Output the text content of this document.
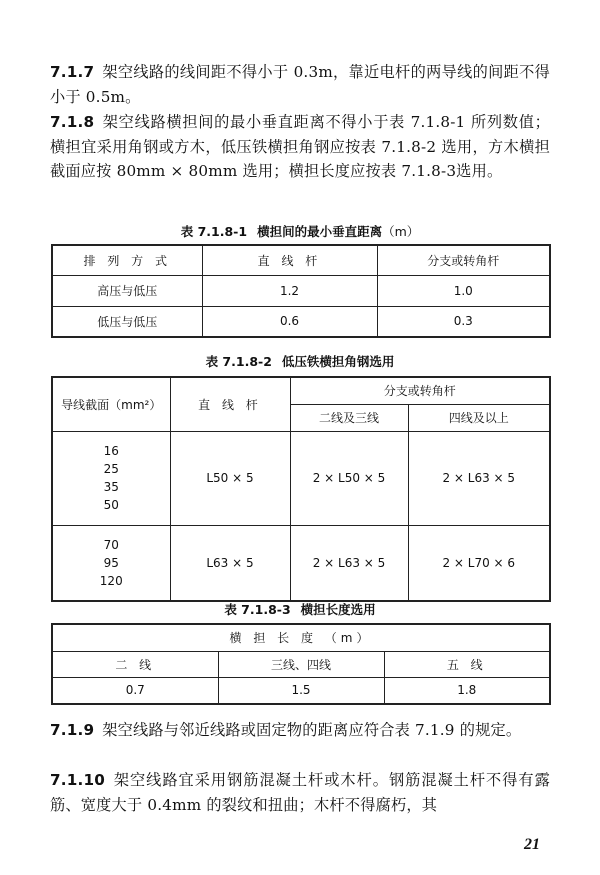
7.1.7 架空线路的线间距不得小于 0.3m，靠近电杆的两导线的间距不得小于 0.5m。
7.1.8 架空线路横担间的最小垂直距离不得小于表 7.1.8-1 所列数值；横担宜采用角钢或方木，低压铁横担角钢应按表 7.1.8-2 选用，方木横担截面应按 80mm × 80mm 选用；横担长度应按表 7.1.8-3选用。
表 7.1.8-1 横担间的最小垂直距离（m）
排 列 方 式	直 线 杆	分支或转角杆
高压与低压	1.2	1.0
低压与低压	0.6	0.3
表 7.1.8-2 低压铁横担角钢选用
导线截面（mm²）	直 线 杆	分支或转角杆	
		二线及三线	四线及以上

16
25
35
50	L50 × 5	2 × L50 × 5	2 × L63 × 5

70
95
120	L63 × 5	2 × L63 × 5	2 × L70 × 6
表 7.1.8-3 横担长度选用
横 担 长 度 （m）		
二 线	三线、四线	五 线
0.7	1.5	1.8
7.1.9 架空线路与邻近线路或固定物的距离应符合表 7.1.9 的规定。
7.1.10 架空线路宜采用钢筋混凝土杆或木杆。钢筋混凝土杆不得有露筋、宽度大于 0.4mm 的裂纹和扭曲；木杆不得腐朽，其
21
